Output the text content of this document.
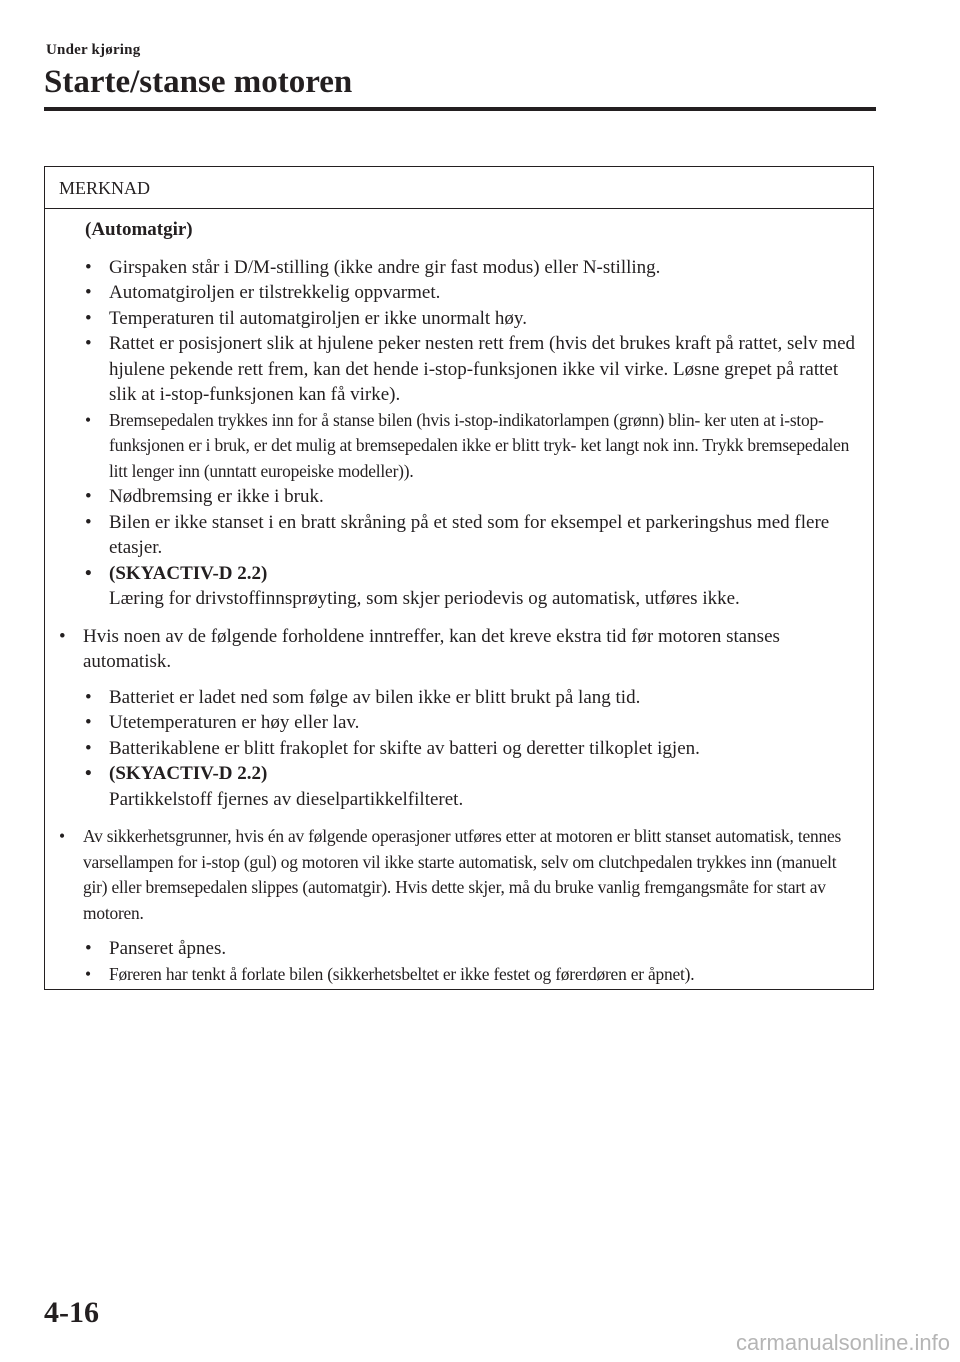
Under kjøring
Starte/stanse motoren
MERKNAD
(Automatgir)
• Girspaken står i D/M-stilling (ikke andre gir fast modus) eller N-stilling.
• Automatgiroljen er tilstrekkelig oppvarmet.
• Temperaturen til automatgiroljen er ikke unormalt høy.
• Rattet er posisjonert slik at hjulene peker nesten rett frem (hvis det brukes kraft på rattet, selv med hjulene pekende rett frem, kan det hende i-stop-funksjonen ikke vil virke. Løsne grepet på rattet slik at i-stop-funksjonen kan få virke).
•	Bremsepedalen trykkes inn for å stanse bilen (hvis i-stop-indikatorlampen (grønn) blin- ker uten at i-stop-funksjonen er i bruk, er det mulig at bremsepedalen ikke er blitt tryk- ket langt nok inn. Trykk bremsepedalen litt lenger inn (unntatt europeiske modeller)).
• Nødbremsing er ikke i bruk.
• Bilen er ikke stanset i en bratt skråning på et sted som for eksempel et parkeringshus med flere etasjer.
• (SKYACTIV-D 2.2)
Læring for drivstoffinnsprøyting, som skjer periodevis og automatisk, utføres ikke.
• Hvis noen av de følgende forholdene inntreffer, kan det kreve ekstra tid før motoren stanses automatisk.
• Batteriet er ladet ned som følge av bilen ikke er blitt brukt på lang tid.
• Utetemperaturen er høy eller lav.
• Batterikablene er blitt frakoplet for skifte av batteri og deretter tilkoplet igjen.
• (SKYACTIV-D 2.2)
Partikkelstoff fjernes av dieselpartikkelfilteret.
•	Av sikkerhetsgrunner, hvis én av følgende operasjoner utføres etter at motoren er blitt stanset automatisk, tennes varsellampen for i-stop (gul) og motoren vil ikke starte automatisk, selv om clutchpedalen trykkes inn (manuelt gir) eller bremsepedalen slippes (automatgir). Hvis dette skjer, må du bruke vanlig fremgangsmåte for start av motoren.
• Panseret åpnes.
•	Føreren har tenkt å forlate bilen (sikkerhetsbeltet er ikke festet og førerdøren er åpnet).
4-16
carmanualsonline.info
